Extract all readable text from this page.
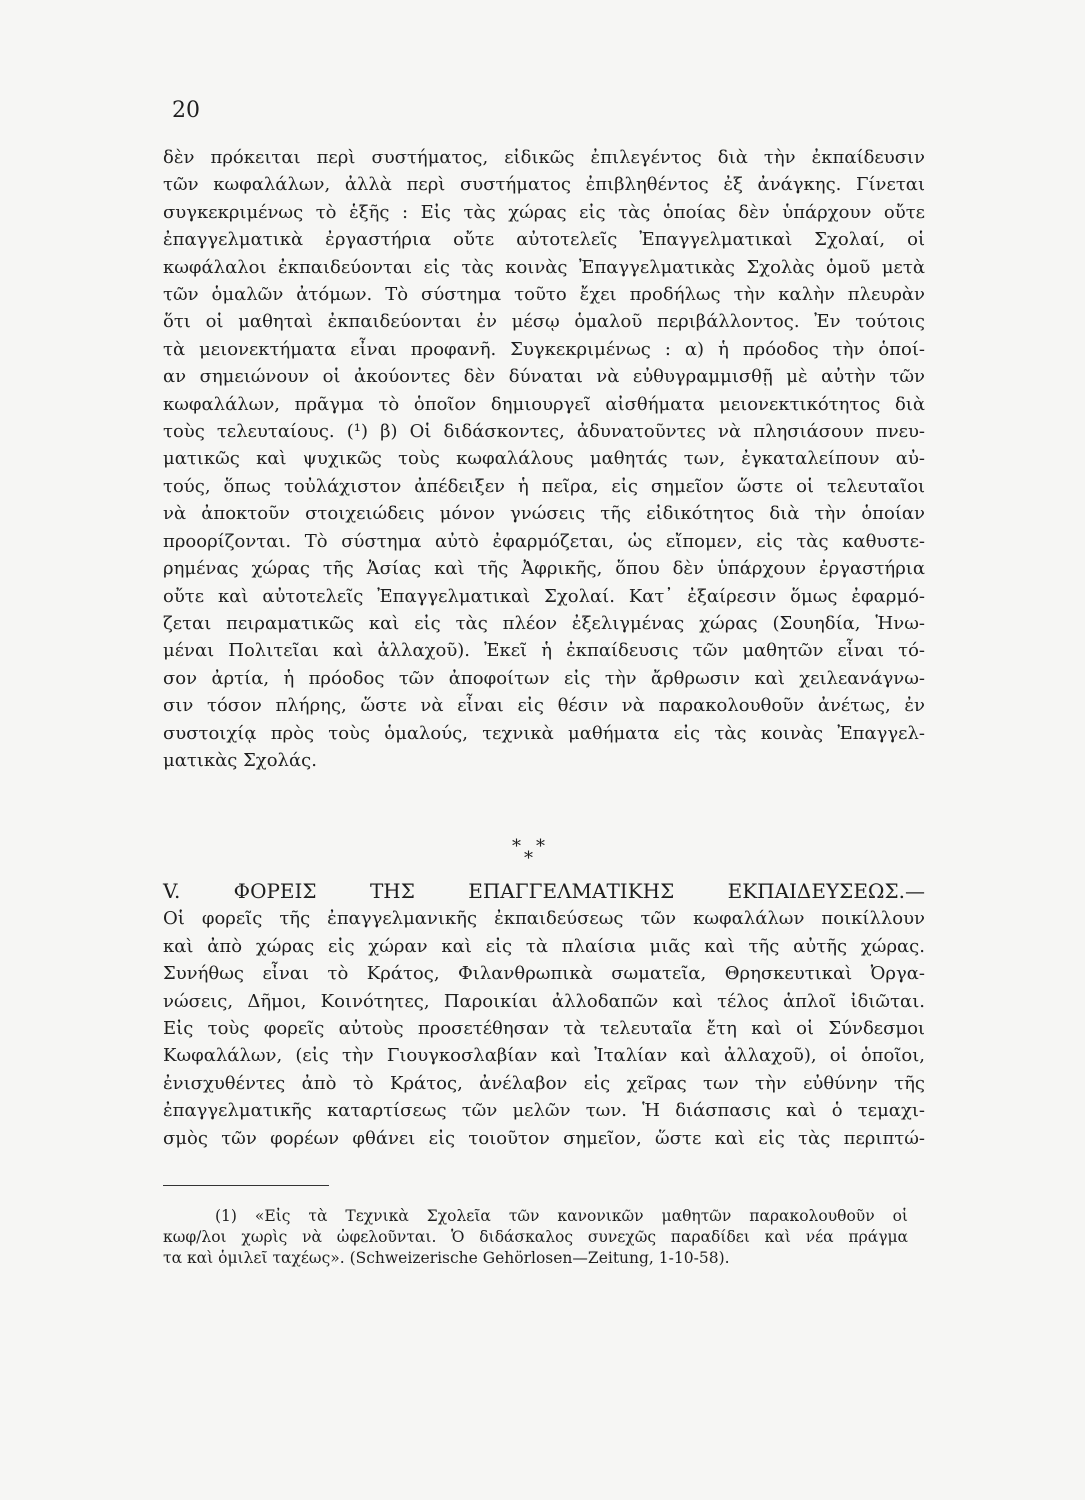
20
δὲν πρόκειται περὶ συστήματος, εἰδικῶς ἐπιλεγέντος διὰ τὴν ἐκπαίδευσιν
τῶν κωφαλάλων, ἀλλὰ περὶ συστήματος ἐπιβληθέντος ἐξ ἀνάγκης. Γίνεται
συγκεκριμένως τὸ ἑξῆς : Εἰς τὰς χώρας εἰς τὰς ὁποίας δὲν ὑπάρχουν οὔτε
ἐπαγγελματικὰ ἐργαστήρια οὔτε αὐτοτελεῖς Ἐπαγγελματικαὶ Σχολαί, οἱ
κωφάλαλοι ἐκπαιδεύονται εἰς τὰς κοινὰς Ἐπαγγελματικὰς Σχολὰς ὁμοῦ μετὰ
τῶν ὁμαλῶν ἀτόμων. Τὸ σύστημα τοῦτο ἔχει προδήλως τὴν καλὴν πλευρὰν
ὅτι οἱ μαθηταὶ ἐκπαιδεύονται ἐν μέσῳ ὁμαλοῦ περιβάλλοντος. Ἐν τούτοις
τὰ μειονεκτήματα εἶναι προφανῆ. Συγκεκριμένως : α) ἡ πρόοδος τὴν ὁποί-
αν σημειώνουν οἱ ἀκούοντες δὲν δύναται νὰ εὐθυγραμμισθῇ μὲ αὐτὴν τῶν
κωφαλάλων, πρᾶγμα τὸ ὁποῖον δημιουργεῖ αἰσθήματα μειονεκτικότητος διὰ
τοὺς τελευταίους. (¹) β) Οἱ διδάσκοντες, ἀδυνατοῦντες νὰ πλησιάσουν πνευ-
ματικῶς καὶ ψυχικῶς τοὺς κωφαλάλους μαθητάς των, ἐγκαταλείπουν αὐ-
τούς, ὅπως τοὐλάχιστον ἀπέδειξεν ἡ πεῖρα, εἰς σημεῖον ὥστε οἱ τελευταῖοι
νὰ ἀποκτοῦν στοιχειώδεις μόνον γνώσεις τῆς εἰδικότητος διὰ τὴν ὁποίαν
προορίζονται. Τὸ σύστημα αὐτὸ ἐφαρμόζεται, ὡς εἴπομεν, εἰς τὰς καθυστε-
ρημένας χώρας τῆς Ἀσίας καὶ τῆς Ἀφρικῆς, ὅπου δὲν ὑπάρχουν ἐργαστήρια
οὔτε καὶ αὐτοτελεῖς Ἐπαγγελματικαὶ Σχολαί. Κατ᾿ ἐξαίρεσιν ὅμως ἐφαρμό-
ζεται πειραματικῶς καὶ εἰς τὰς πλέον ἐξελιγμένας χώρας (Σουηδία, Ἡνω-
μέναι Πολιτεῖαι καὶ ἀλλαχοῦ). Ἐκεῖ ἡ ἐκπαίδευσις τῶν μαθητῶν εἶναι τό-
σον ἀρτία, ἡ πρόοδος τῶν ἀποφοίτων εἰς τὴν ἄρθρωσιν καὶ χειλεανάγνω-
σιν τόσον πλήρης, ὥστε νὰ εἶναι εἰς θέσιν νὰ παρακολουθοῦν ἀνέτως, ἐν
συστοιχίᾳ πρὸς τοὺς ὁμαλούς, τεχνικὰ μαθήματα εἰς τὰς κοινὰς Ἐπαγγελ-
ματικὰς Σχολάς.
* *
*
V. ΦΟΡΕΙΣ ΤΗΣ ΕΠΑΓΓΕΛΜΑΤΙΚΗΣ ΕΚΠΑΙΔΕΥΣΕΩΣ.—
Οἱ φορεῖς τῆς ἐπαγγελμανικῆς ἐκπαιδεύσεως τῶν κωφαλάλων ποικίλλουν
καὶ ἀπὸ χώρας εἰς χώραν καὶ εἰς τὰ πλαίσια μιᾶς καὶ τῆς αὐτῆς χώρας.
Συνήθως εἶναι τὸ Κράτος, Φιλανθρωπικὰ σωματεῖα, Θρησκευτικαὶ Ὀργα-
νώσεις, Δῆμοι, Κοινότητες, Παροικίαι ἀλλοδαπῶν καὶ τέλος ἁπλοῖ ἰδιῶται.
Εἰς τοὺς φορεῖς αὐτοὺς προσετέθησαν τὰ τελευταῖα ἔτη καὶ οἱ Σύνδεσμοι
Κωφαλάλων, (εἰς τὴν Γιουγκοσλαβίαν καὶ Ἰταλίαν καὶ ἀλλαχοῦ), οἱ ὁποῖοι,
ἐνισχυθέντες ἀπὸ τὸ Κράτος, ἀνέλαβον εἰς χεῖρας των τὴν εὐθύνην τῆς
ἐπαγγελματικῆς καταρτίσεως τῶν μελῶν των. Ἡ διάσπασις καὶ ὁ τεμαχι-
σμὸς τῶν φορέων φθάνει εἰς τοιοῦτον σημεῖον, ὥστε καὶ εἰς τὰς περιπτώ-
(1) «Εἰς τὰ Τεχνικὰ Σχολεῖα τῶν κανονικῶν μαθητῶν παρακολουθοῦν οἱ
κωφ/λοι χωρὶς νὰ ὠφελοῦνται. Ὁ διδάσκαλος συνεχῶς παραδίδει καὶ νέα πράγμα
τα καὶ ὁμιλεῖ ταχέως». (Schweizerische Gehörlosen—Zeitung, 1-10-58).
